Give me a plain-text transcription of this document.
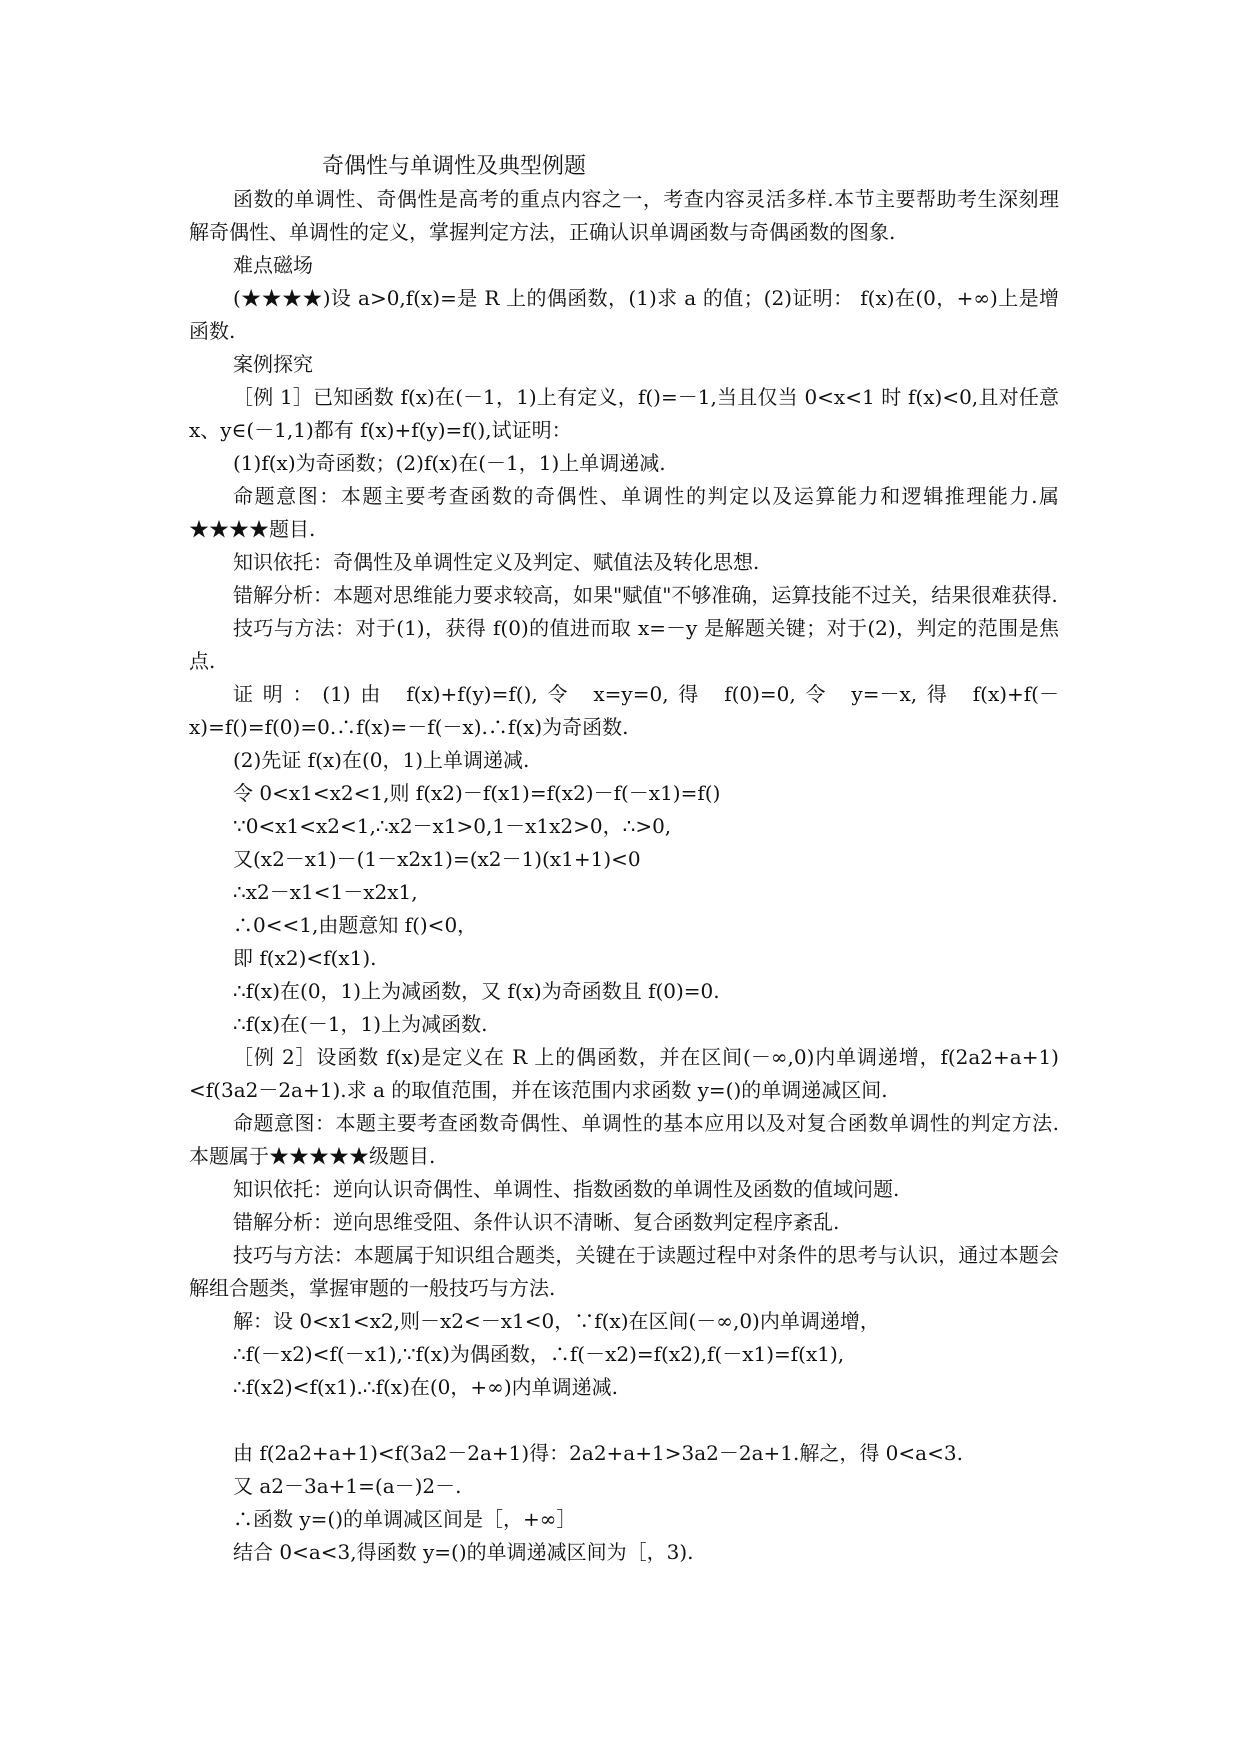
奇偶性与单调性及典型例题

函数的单调性、奇偶性是高考的重点内容之一，考查内容灵活多样.本节主要帮助考生深刻理解奇偶性、单调性的定义，掌握判定方法，正确认识单调函数与奇偶函数的图象.

难点磁场

(★★★★)设 a>0,f(x)=是 R 上的偶函数，(1)求 a 的值；(2)证明： f(x)在(0，+∞)上是增函数.

案例探究

［例 1］已知函数 f(x)在(－1，1)上有定义，f()=－1,当且仅当 0<x<1 时 f(x)<0,且对任意 x、y∈(－1,1)都有 f(x)+f(y)=f(),试证明：

(1)f(x)为奇函数；(2)f(x)在(－1，1)上单调递减.

命题意图：本题主要考查函数的奇偶性、单调性的判定以及运算能力和逻辑推理能力.属★★★★题目.

知识依托：奇偶性及单调性定义及判定、赋值法及转化思想.

错解分析：本题对思维能力要求较高，如果"赋值"不够准确，运算技能不过关，结果很难获得.

技巧与方法：对于(1)，获得 f(0)的值进而取 x=－y 是解题关键；对于(2)，判定的范围是焦点.

证明：(1)由 f(x)+f(y)=f(),令 x=y=0,得 f(0)=0,令 y=－x,得 f(x)+f(－x)=f()=f(0)=0.∴f(x)=－f(－x).∴f(x)为奇函数.

(2)先证 f(x)在(0，1)上单调递减.

令 0<x1<x2<1,则 f(x2)－f(x1)=f(x2)－f(－x1)=f()

∵0<x1<x2<1,∴x2－x1>0,1－x1x2>0，∴>0,

又(x2－x1)－(1－x2x1)=(x2－1)(x1+1)<0

∴x2－x1<1－x2x1,

∴0<<1,由题意知 f()<0，

即 f(x2)<f(x1).

∴f(x)在(0，1)上为减函数，又 f(x)为奇函数且 f(0)=0.

∴f(x)在(－1，1)上为减函数.

［例 2］设函数 f(x)是定义在 R 上的偶函数，并在区间(－∞,0)内单调递增，f(2a2+a+1)<f(3a2－2a+1).求 a 的取值范围，并在该范围内求函数 y=()的单调递减区间.

命题意图：本题主要考查函数奇偶性、单调性的基本应用以及对复合函数单调性的判定方法.本题属于★★★★★级题目.

知识依托：逆向认识奇偶性、单调性、指数函数的单调性及函数的值域问题.

错解分析：逆向思维受阻、条件认识不清晰、复合函数判定程序紊乱.

技巧与方法：本题属于知识组合题类，关键在于读题过程中对条件的思考与认识，通过本题会解组合题类，掌握审题的一般技巧与方法.

解：设 0<x1<x2,则－x2<－x1<0，∵f(x)在区间(－∞,0)内单调递增，

∴f(－x2)<f(－x1),∵f(x)为偶函数，∴f(－x2)=f(x2),f(－x1)=f(x1),

∴f(x2)<f(x1).∴f(x)在(0，+∞)内单调递减.

由 f(2a2+a+1)<f(3a2－2a+1)得：2a2+a+1>3a2－2a+1.解之，得 0<a<3.

又 a2－3a+1=(a－)2－.

∴函数 y=()的单调减区间是［，+∞］

结合 0<a<3,得函数 y=()的单调递减区间为［，3).
